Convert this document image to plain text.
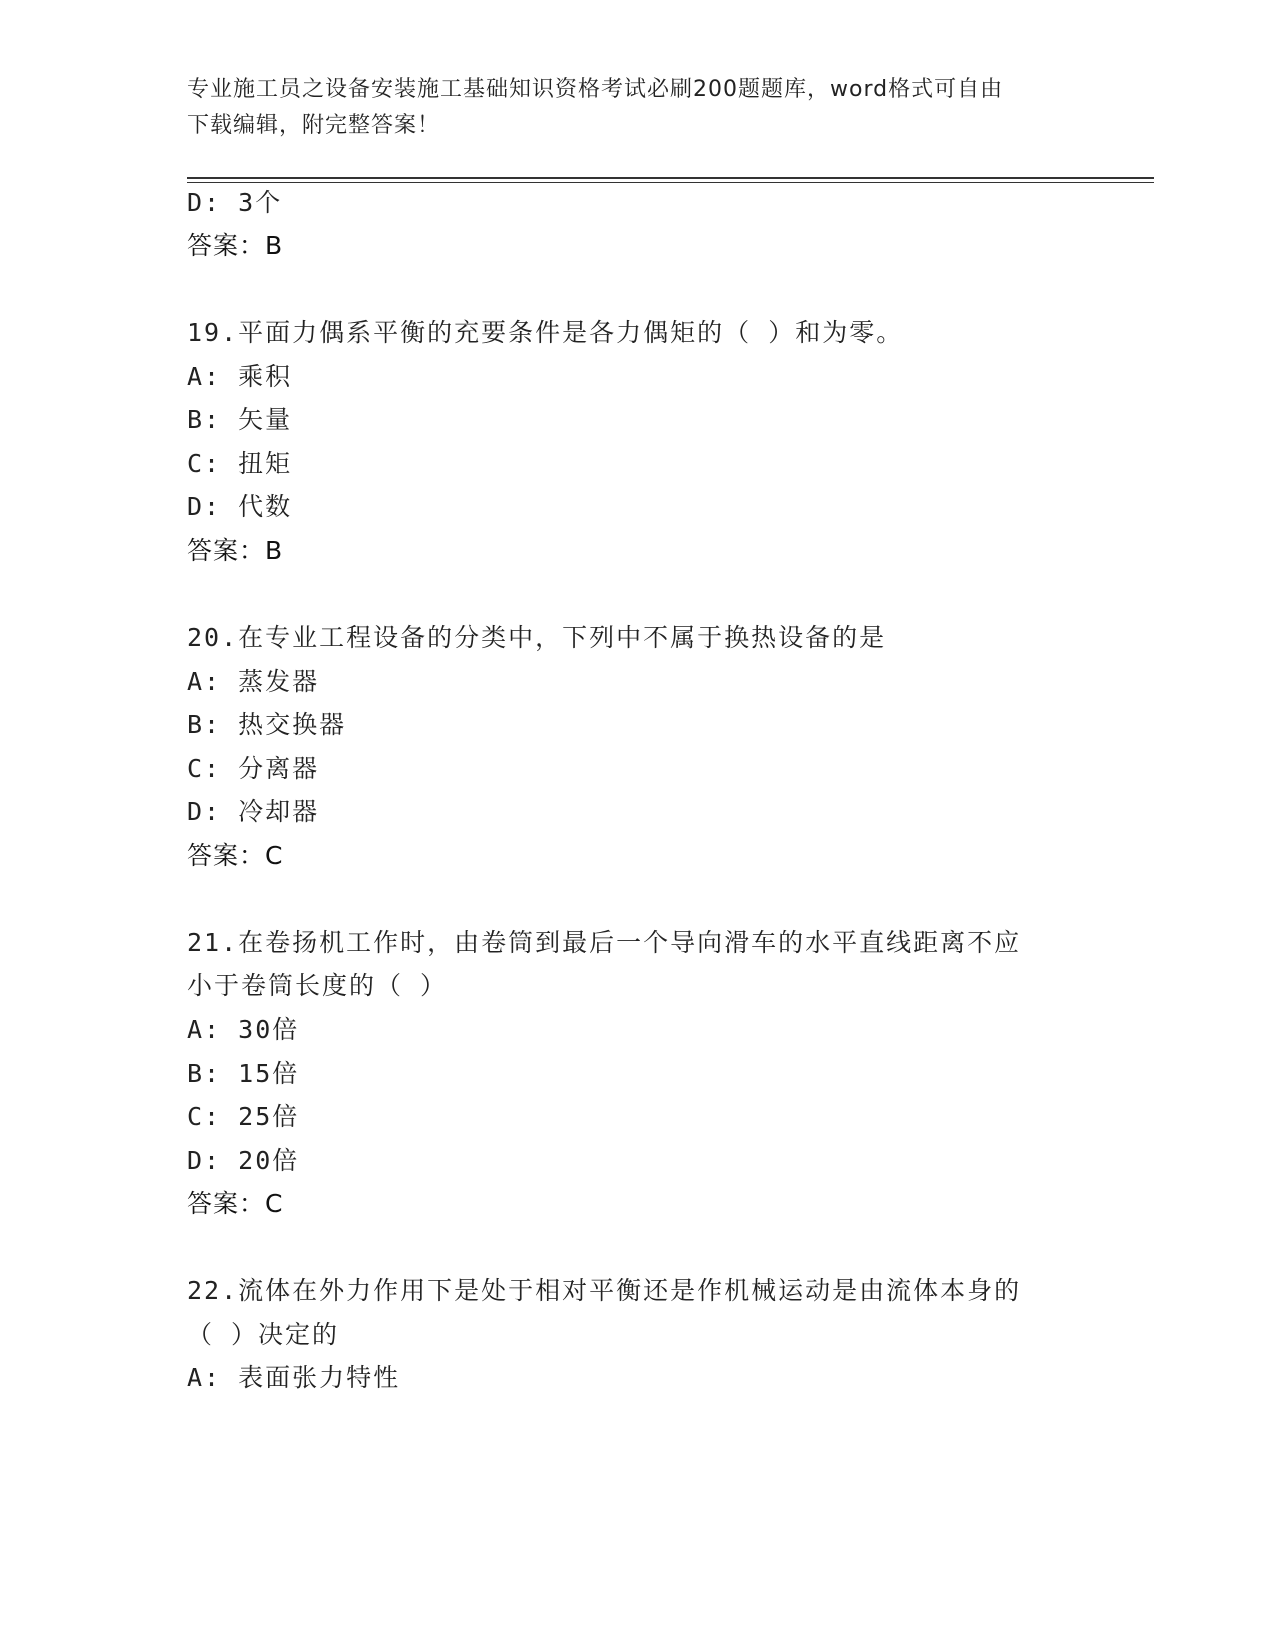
专业施工员之设备安装施工基础知识资格考试必刷200题题库，word格式可自由
下载编辑，附完整答案！
D: 3个
答案：B
19.平面力偶系平衡的充要条件是各力偶矩的（ ）和为零。
A: 乘积
B: 矢量
C: 扭矩
D: 代数
答案：B
20.在专业工程设备的分类中，下列中不属于换热设备的是
A: 蒸发器
B: 热交换器
C: 分离器
D: 冷却器
答案：C
21.在卷扬机工作时，由卷筒到最后一个导向滑车的水平直线距离不应
小于卷筒长度的（ ）
A: 30倍
B: 15倍
C: 25倍
D: 20倍
答案：C
22.流体在外力作用下是处于相对平衡还是作机械运动是由流体本身的
（ ）决定的
A: 表面张力特性
